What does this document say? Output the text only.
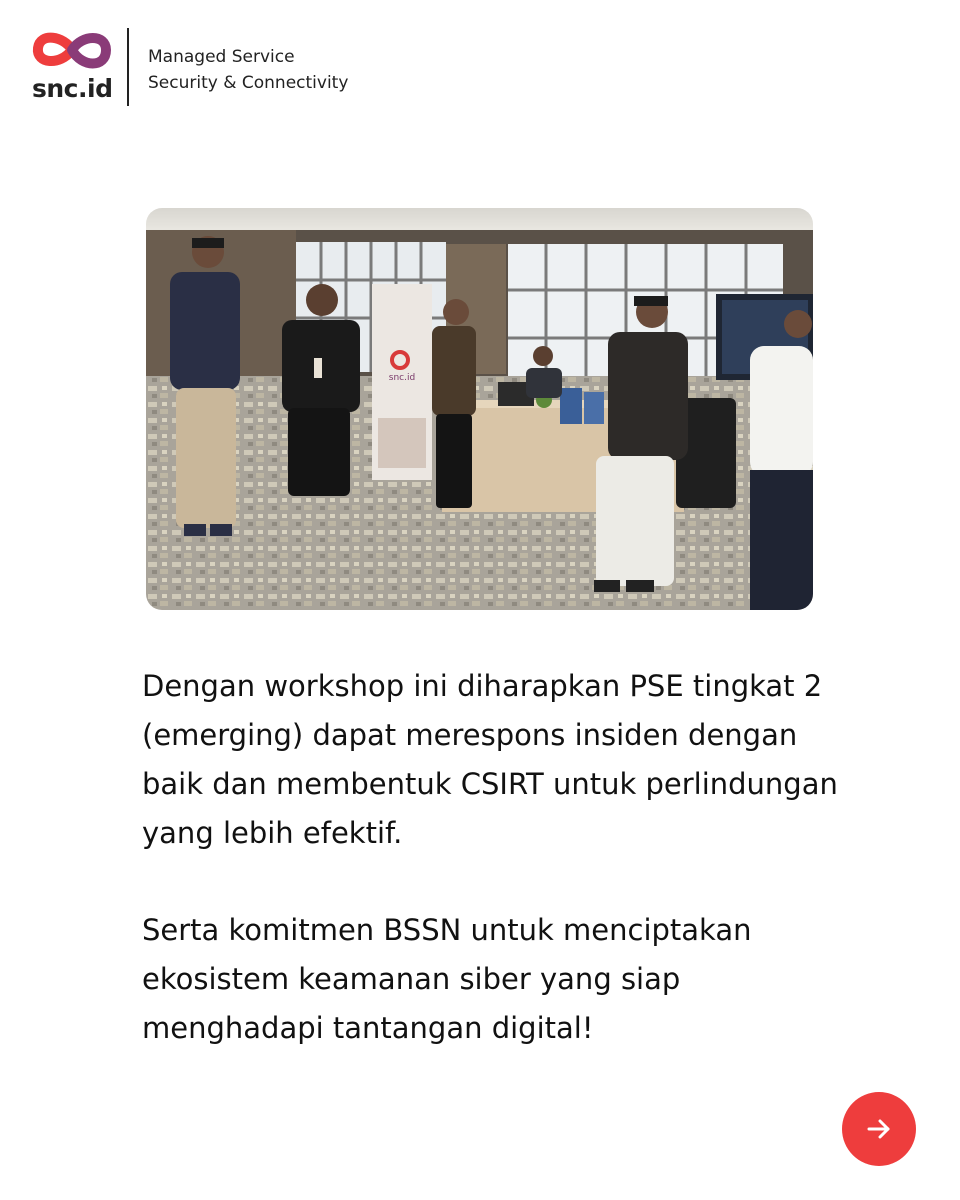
snc.id
Managed Service
Security & Connectivity
snc.id

Dengan workshop ini diharapkan PSE tingkat 2 (emerging) dapat merespons insiden dengan baik dan membentuk CSIRT untuk perlindungan yang lebih efektif.

Serta komitmen BSSN untuk menciptakan ekosistem keamanan siber yang siap menghadapi tantangan digital!
